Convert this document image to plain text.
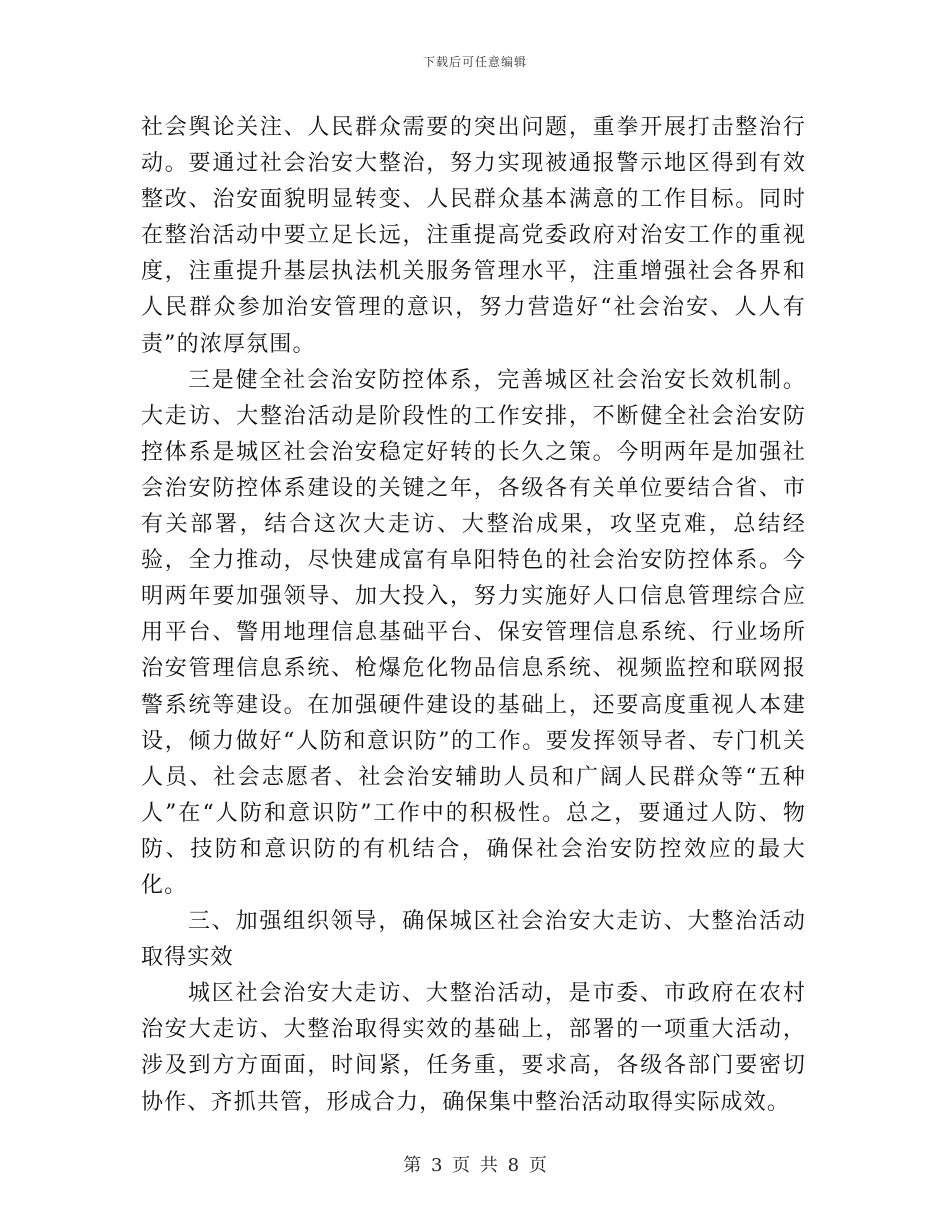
下载后可任意编辑

社会舆论关注、人民群众需要的突出问题，重拳开展打击整治行动。要通过社会治安大整治，努力实现被通报警示地区得到有效整改、治安面貌明显转变、人民群众基本满意的工作目标。同时在整治活动中要立足长远，注重提高党委政府对治安工作的重视度，注重提升基层执法机关服务管理水平，注重增强社会各界和人民群众参加治安管理的意识，努力营造好“社会治安、人人有责”的浓厚氛围。

三是健全社会治安防控体系，完善城区社会治安长效机制。大走访、大整治活动是阶段性的工作安排，不断健全社会治安防控体系是城区社会治安稳定好转的长久之策。今明两年是加强社会治安防控体系建设的关键之年，各级各有关单位要结合省、市有关部署，结合这次大走访、大整治成果，攻坚克难，总结经验，全力推动，尽快建成富有阜阳特色的社会治安防控体系。今明两年要加强领导、加大投入，努力实施好人口信息管理综合应用平台、警用地理信息基础平台、保安管理信息系统、行业场所治安管理信息系统、枪爆危化物品信息系统、视频监控和联网报警系统等建设。在加强硬件建设的基础上，还要高度重视人本建设，倾力做好“人防和意识防”的工作。要发挥领导者、专门机关人员、社会志愿者、社会治安辅助人员和广阔人民群众等“五种人”在“人防和意识防”工作中的积极性。总之，要通过人防、物防、技防和意识防的有机结合，确保社会治安防控效应的最大化。

三、加强组织领导，确保城区社会治安大走访、大整治活动取得实效

城区社会治安大走访、大整治活动，是市委、市政府在农村治安大走访、大整治取得实效的基础上，部署的一项重大活动，涉及到方方面面，时间紧，任务重，要求高，各级各部门要密切协作、齐抓共管，形成合力，确保集中整治活动取得实际成效。

第 3 页 共 8 页
